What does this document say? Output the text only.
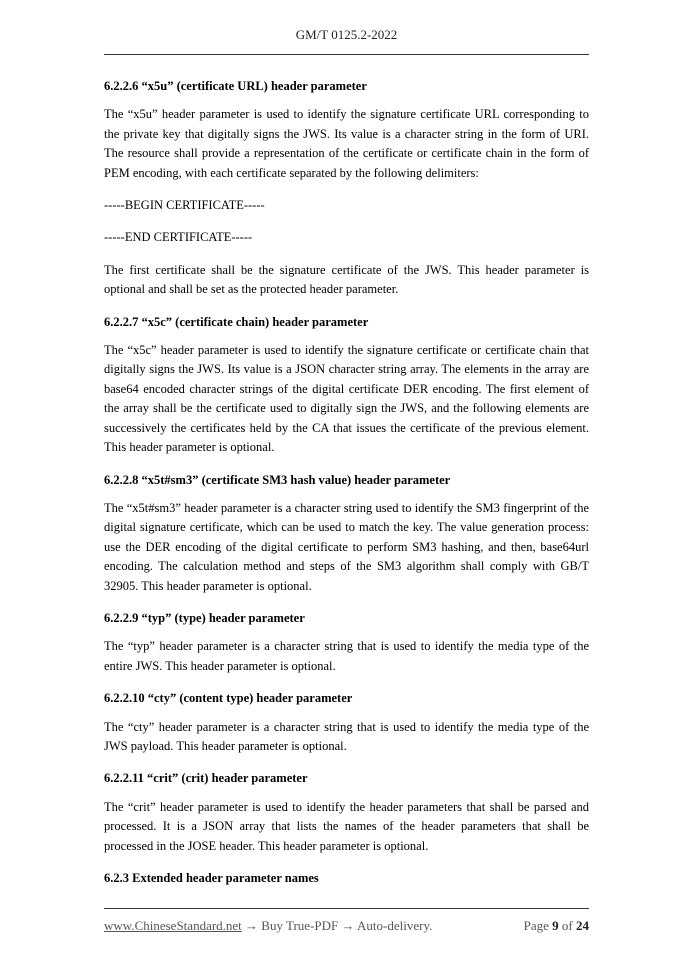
GM/T 0125.2-2022
6.2.2.6 “x5u” (certificate URL) header parameter

The “x5u” header parameter is used to identify the signature certificate URL corresponding to the private key that digitally signs the JWS. Its value is a character string in the form of URI. The resource shall provide a representation of the certificate or certificate chain in the form of PEM encoding, with each certificate separated by the following delimiters:

-----BEGIN CERTIFICATE-----

-----END CERTIFICATE-----

The first certificate shall be the signature certificate of the JWS. This header parameter is optional and shall be set as the protected header parameter.

6.2.2.7 “x5c” (certificate chain) header parameter

The “x5c” header parameter is used to identify the signature certificate or certificate chain that digitally signs the JWS. Its value is a JSON character string array. The elements in the array are base64 encoded character strings of the digital certificate DER encoding. The first element of the array shall be the certificate used to digitally sign the JWS, and the following elements are successively the certificates held by the CA that issues the certificate of the previous element. This header parameter is optional.

6.2.2.8 “x5t#sm3” (certificate SM3 hash value) header parameter

The “x5t#sm3” header parameter is a character string used to identify the SM3 fingerprint of the digital signature certificate, which can be used to match the key. The value generation process: use the DER encoding of the digital certificate to perform SM3 hashing, and then, base64url encoding. The calculation method and steps of the SM3 algorithm shall comply with GB/T 32905. This header parameter is optional.

6.2.2.9 “typ” (type) header parameter

The “typ” header parameter is a character string that is used to identify the media type of the entire JWS. This header parameter is optional.

6.2.2.10 “cty” (content type) header parameter

The “cty” header parameter is a character string that is used to identify the media type of the JWS payload. This header parameter is optional.

6.2.2.11 “crit” (crit) header parameter

The “crit” header parameter is used to identify the header parameters that shall be parsed and processed. It is a JSON array that lists the names of the header parameters that shall be processed in the JOSE header. This header parameter is optional.

6.2.3 Extended header parameter names
www.ChineseStandard.net → Buy True-PDF → Auto-delivery.	Page 9 of 24
